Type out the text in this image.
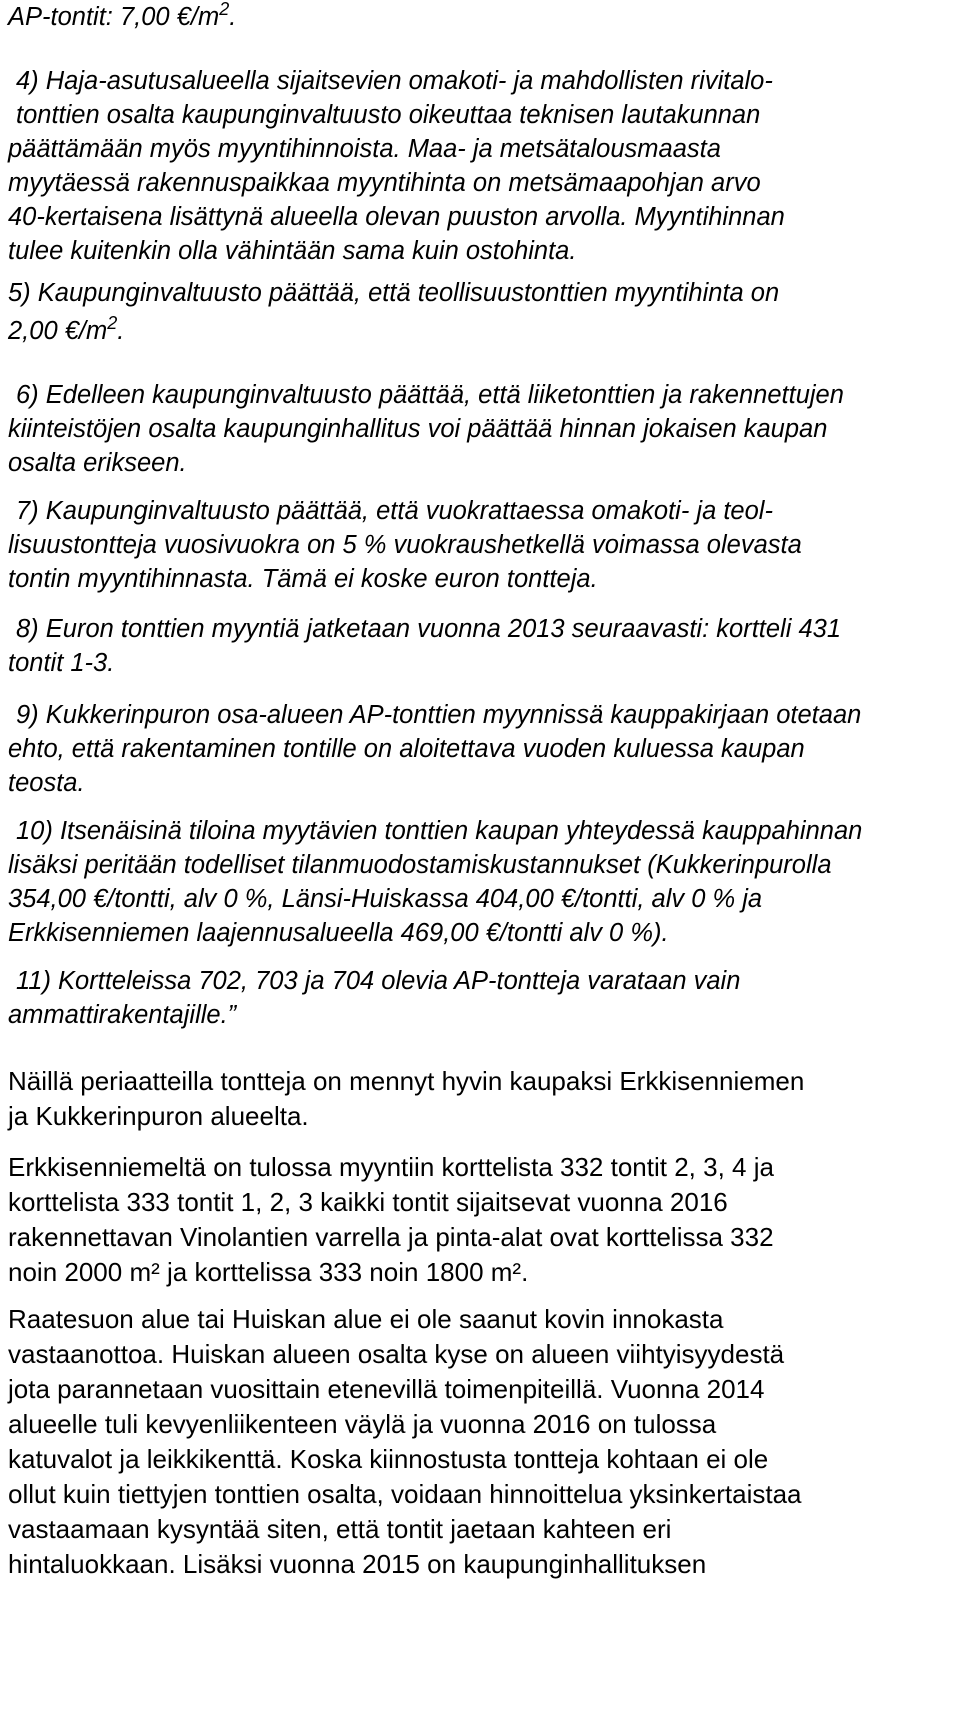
AP-tontit: 7,00 $€/m^2$.
4) Haja-asutusalueella sijaitsevien omakoti- ja mahdollisten rivitalo-
tonttien osalta kaupunginvaltuusto oikeuttaa teknisen lautakunnan
päättämään myös myyntihinnoista. Maa- ja metsätalousmaasta
myytäessä rakennuspaikkaa myyntihinta on metsämaapohjan arvo
40-kertaisena lisättynä alueella olevan puuston arvolla. Myyntihinnan
tulee kuitenkin olla vähintään sama kuin ostohinta.
5) Kaupunginvaltuusto päättää, että teollisuustonttien myyntihinta on
2,00 $€/m^2$.
6) Edelleen kaupunginvaltuusto päättää, että liiketonttien ja rakennettujen
kiinteistöjen osalta kaupunginhallitus voi päättää hinnan jokaisen kaupan
osalta erikseen.
7) Kaupunginvaltuusto päättää, että vuokrattaessa omakoti- ja teol-
lisuustontteja vuosivuokra on 5 % vuokraushetkellä voimassa olevasta
tontin myyntihinnasta. Tämä ei koske euron tontteja.
8) Euron tonttien myyntiä jatketaan vuonna 2013 seuraavasti: kortteli 431
tontit 1-3.
9) Kukkerinpuron osa-alueen AP-tonttien myynnissä kauppakirjaan otetaan
ehto, että rakentaminen tontille on aloitettava vuoden kuluessa kaupan
teosta.
10) Itsenäisinä tiloina myytävien tonttien kaupan yhteydessä kauppahinnan
lisäksi peritään todelliset tilanmuodostamiskustannukset (Kukkerinpurolla
354,00 €/tontti, alv 0 %, Länsi-Huiskassa 404,00 €/tontti, alv 0 % ja
Erkkisenniemen laajennusalueella 469,00 €/tontti alv 0 %).
11) Kortteleissa 702, 703 ja 704 olevia AP-tontteja varataan vain
ammattirakentajille.”
Näillä periaatteilla tontteja on mennyt hyvin kaupaksi Erkkisenniemen
ja Kukkerinpuron alueelta.
Erkkisenniemeltä on tulossa myyntiin korttelista 332 tontit 2, 3, 4 ja
korttelista 333 tontit 1, 2, 3 kaikki tontit sijaitsevat vuonna 2016
rakennettavan Vinolantien varrella ja pinta-alat ovat korttelissa 332
noin 2000 m² ja korttelissa 333 noin 1800 m².
Raatesuon alue tai Huiskan alue ei ole saanut kovin innokasta
vastaanottoa. Huiskan alueen osalta kyse on alueen viihtyisyydestä
jota parannetaan vuosittain etenevillä toimenpiteillä. Vuonna 2014
alueelle tuli kevyenliikenteen väylä ja vuonna 2016 on tulossa
katuvalot ja leikkikenttä. Koska kiinnostusta tontteja kohtaan ei ole
ollut kuin tiettyjen tonttien osalta, voidaan hinnoittelua yksinkertaistaa
vastaamaan kysyntää siten, että tontit jaetaan kahteen eri
hintaluokkaan. Lisäksi vuonna 2015 on kaupunginhallituksen
